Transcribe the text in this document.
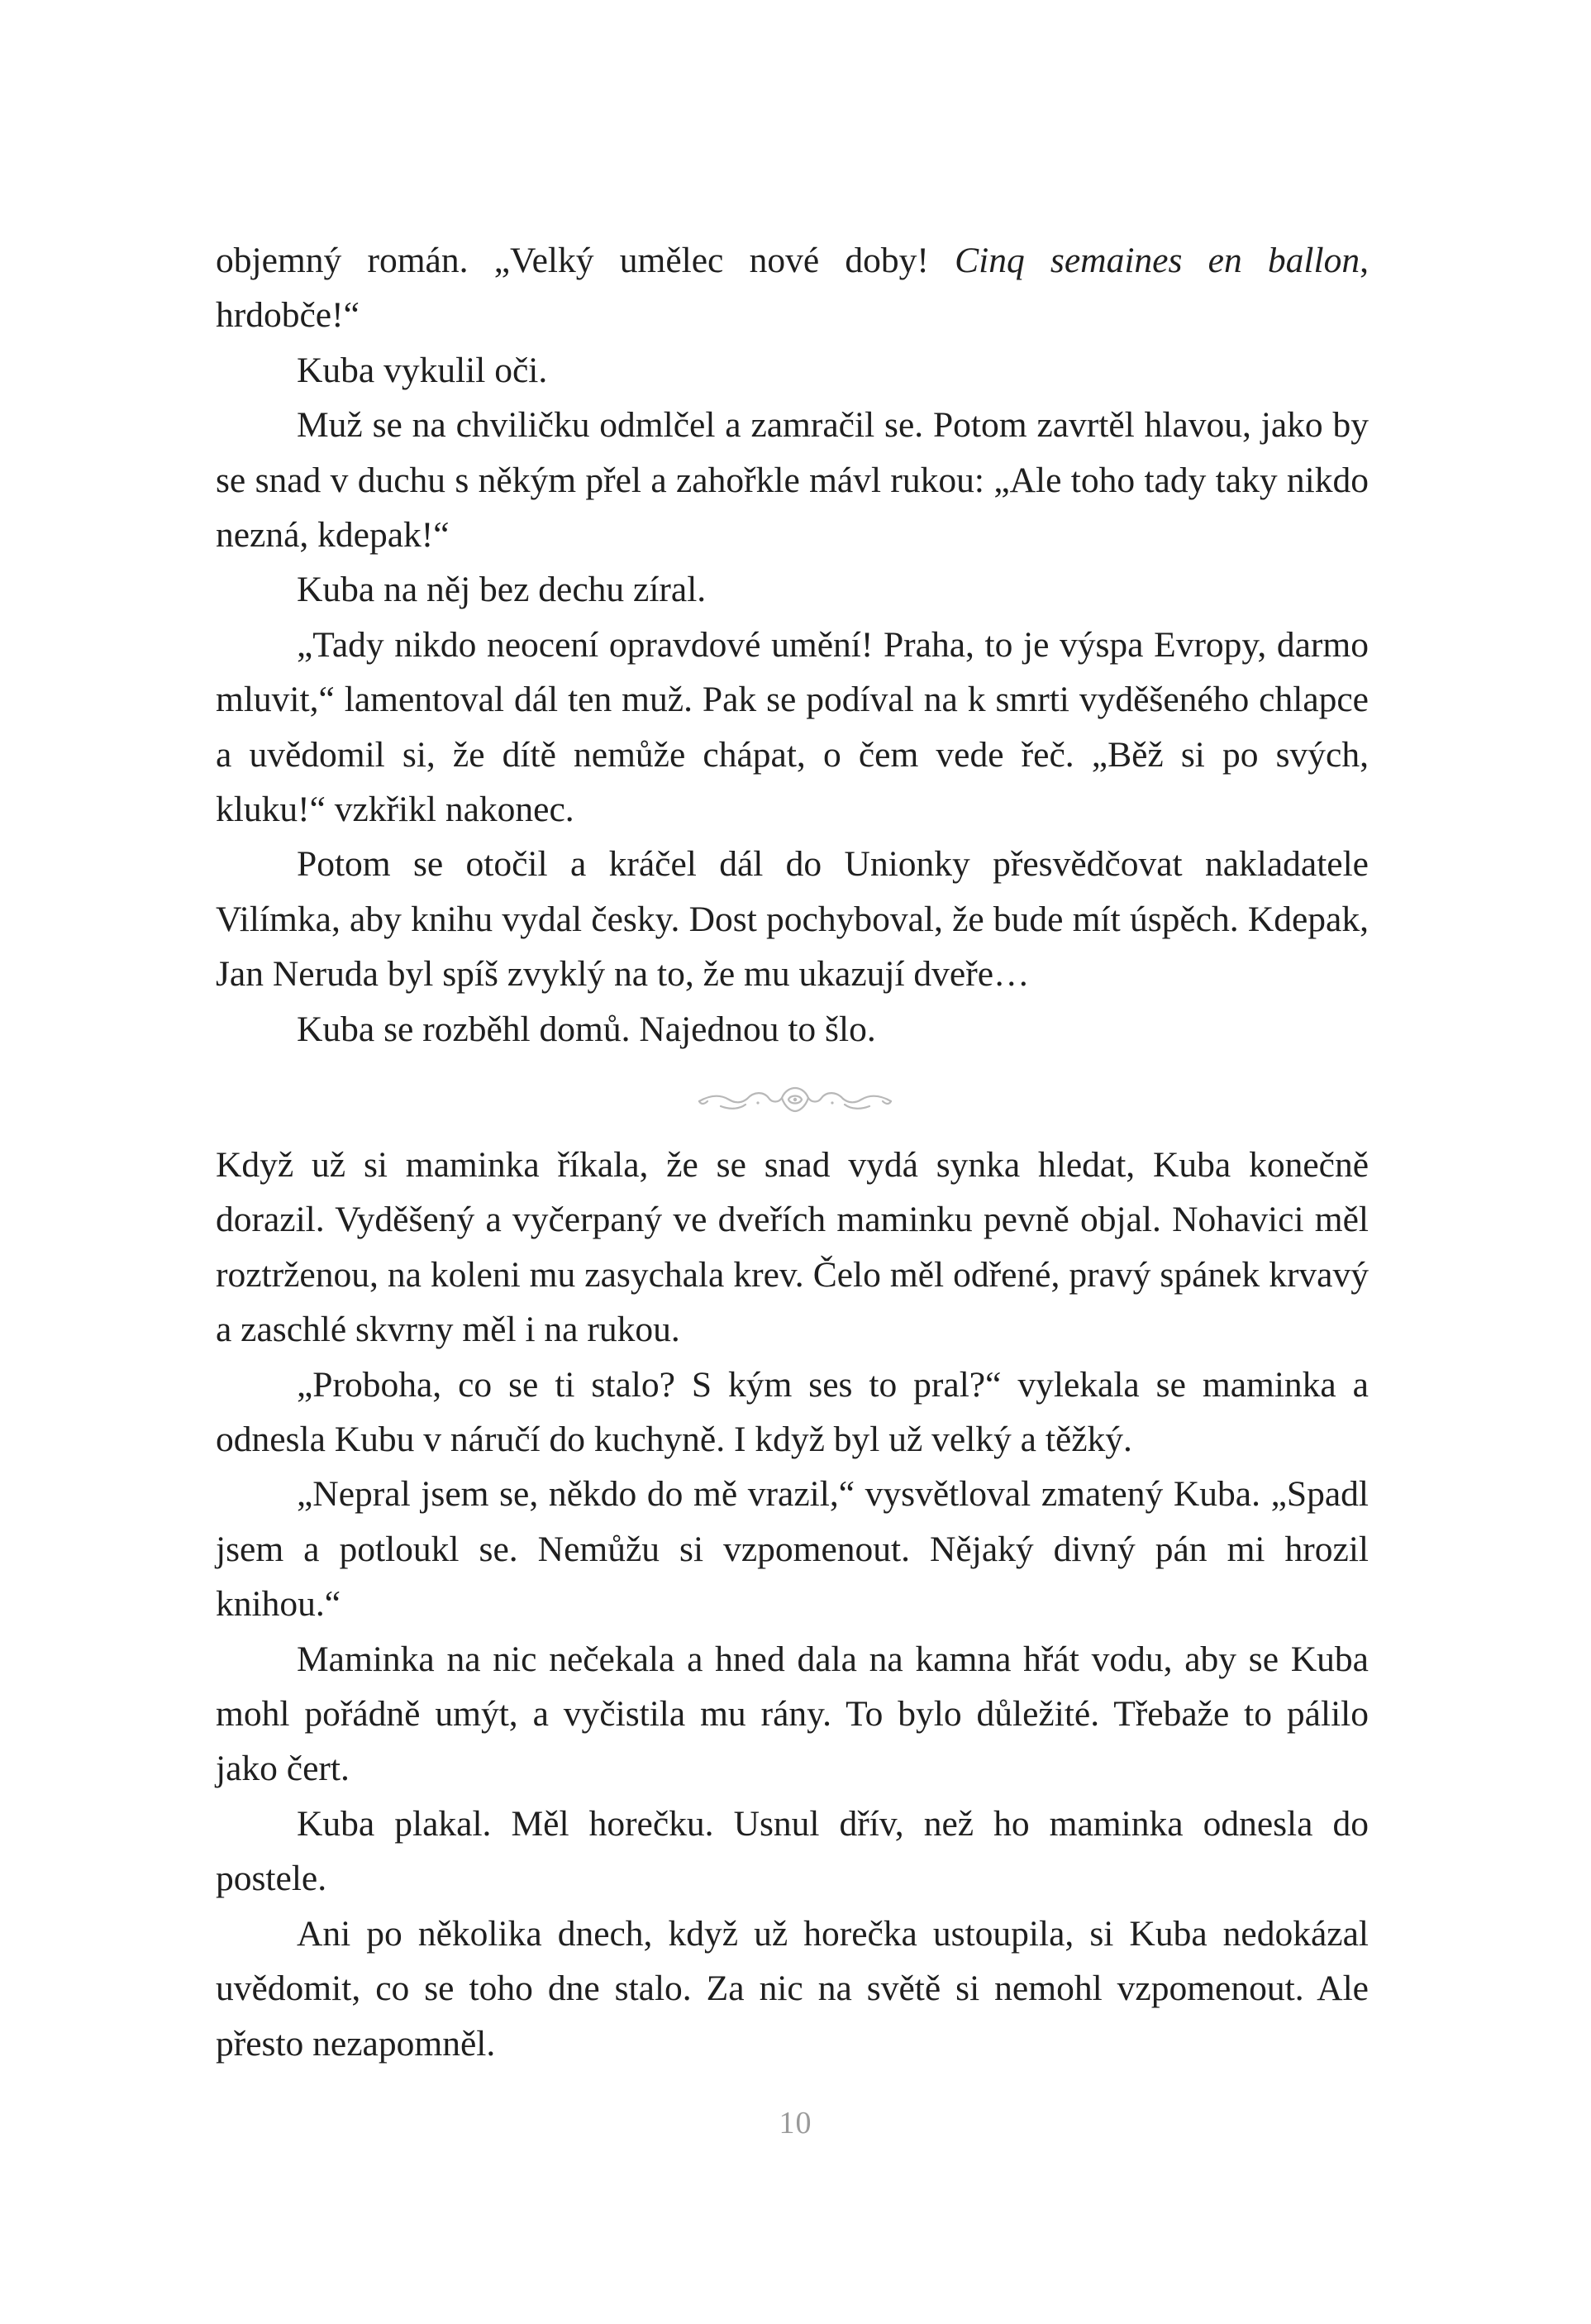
objemný román. „Velký umělec nové doby! Cinq semaines en ballon, hrdobče!“

Kuba vykulil oči.

Muž se na chviličku odmlčel a zamračil se. Potom zavrtěl hlavou, jako by se snad v duchu s někým přel a zahořkle mávl rukou: „Ale toho tady taky nikdo nezná, kdepak!“

Kuba na něj bez dechu zíral.

„Tady nikdo neocení opravdové umění! Praha, to je výspa Evropy, darmo mluvit,“ lamentoval dál ten muž. Pak se podíval na k smrti vyděšeného chlapce a uvědomil si, že dítě nemůže chápat, o čem vede řeč. „Běž si po svých, kluku!“ vzkřikl nakonec.

Potom se otočil a kráčel dál do Unionky přesvědčovat nakladatele Vilímka, aby knihu vydal česky. Dost pochyboval, že bude mít úspěch. Kdepak, Jan Neruda byl spíš zvyklý na to, že mu ukazují dveře…

Kuba se rozběhl domů. Najednou to šlo.

Když už si maminka říkala, že se snad vydá synka hledat, Kuba konečně dorazil. Vyděšený a vyčerpaný ve dveřích maminku pevně objal. Nohavici měl roztrženou, na koleni mu zasychala krev. Čelo měl odřené, pravý spánek krvavý a zaschlé skvrny měl i na rukou.

„Proboha, co se ti stalo? S kým ses to pral?“ vylekala se maminka a odnesla Kubu v náručí do kuchyně. I když byl už velký a těžký.

„Nepral jsem se, někdo do mě vrazil,“ vysvětloval zmatený Kuba. „Spadl jsem a potloukl se. Nemůžu si vzpomenout. Nějaký divný pán mi hrozil knihou.“

Maminka na nic nečekala a hned dala na kamna hřát vodu, aby se Kuba mohl pořádně umýt, a vyčistila mu rány. To bylo důležité. Třebaže to pálilo jako čert.

Kuba plakal. Měl horečku. Usnul dřív, než ho maminka odnesla do postele.

Ani po několika dnech, když už horečka ustoupila, si Kuba nedokázal uvědomit, co se toho dne stalo. Za nic na světě si nemohl vzpomenout. Ale přesto nezapomněl.

10
